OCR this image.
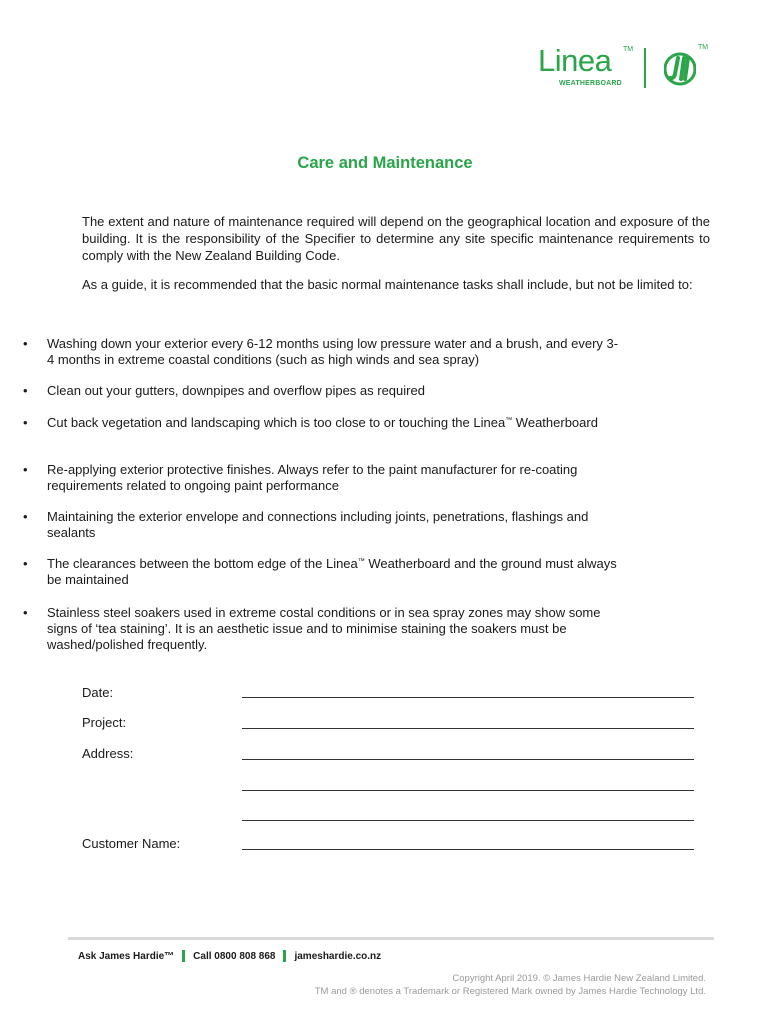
Linea TM
WEATHERBOARD
TM
Care and Maintenance

The extent and nature of maintenance required will depend on the geographical location and exposure of the building. It is the responsibility of the Specifier to determine any site specific maintenance requirements to comply with the New Zealand Building Code.

As a guide, it is recommended that the basic normal maintenance tasks shall include, but not be limited to:

• Washing down your exterior every 6-12 months using low pressure water and a brush, and every 3-4 months in extreme coastal conditions (such as high winds and sea spray)
• Clean out your gutters, downpipes and overflow pipes as required
• Cut back vegetation and landscaping which is too close to or touching the Linea™ Weatherboard
• Re-applying exterior protective finishes. Always refer to the paint manufacturer for re-coating requirements related to ongoing paint performance
• Maintaining the exterior envelope and connections including joints, penetrations, flashings and sealants
• The clearances between the bottom edge of the Linea™ Weatherboard and the ground must always be maintained
• Stainless steel soakers used in extreme costal conditions or in sea spray zones may show some signs of ‘tea staining’. It is an aesthetic issue and to minimise staining the soakers must be washed/polished frequently.
Date:
Project:
Address:
Customer Name:
Ask James Hardie™ Call 0800 808 868 jameshardie.co.nz
Copyright April 2019. © James Hardie New Zealand Limited.
TM and ® denotes a Trademark or Registered Mark owned by James Hardie Technology Ltd.
